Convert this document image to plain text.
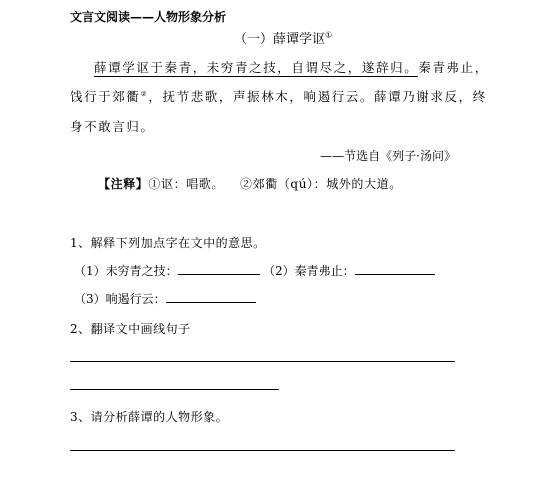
文言文阅读——人物形象分析
（一）薛谭学讴①
薛谭学讴于秦青，未穷青之技，自谓尽之，遂辞归。秦青弗止，
饯行于郊衢②，抚节悲歌，声振林木，响遏行云。薛谭乃谢求反，终
身不敢言归。
——节选自《列子·汤问》
【注释】①讴：唱歌。 ②郊衢（qú）：城外的大道。
1、解释下列加点字在文中的意思。
（1）未穷青之技：	（2）秦青弗止：
（3）响遏行云：
2、翻译文中画线句子
3、请分析薛谭的人物形象。
